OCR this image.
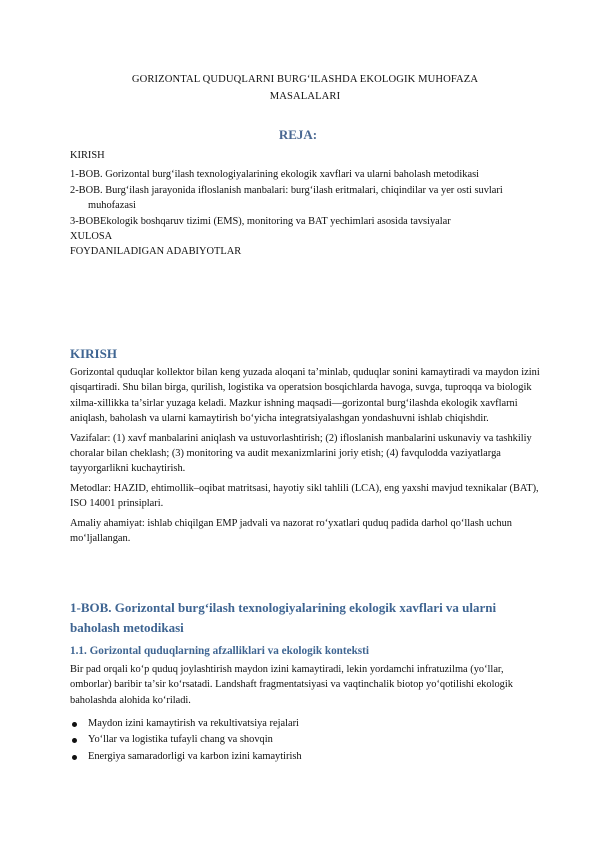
GORIZONTAL QUDUQLARNI BURG‘ILASHDA EKOLOGIK MUHOFAZA
MASALALARI
REJA:

KIRISH

1-BOB. Gorizontal burg‘ilash texnologiyalarining ekologik xavflari va ularni baholash metodikasi

2-BOB. Burg‘ilash jarayonida ifloslanish manbalari: burg‘ilash eritmalari, chiqindilar va yer osti suvlari muhofazasi

3-BOBEkologik boshqaruv tizimi (EMS), monitoring va BAT yechimlari asosida tavsiyalar

XULOSA

FOYDANILADIGAN ADABIYOTLAR

KIRISH

Gorizontal quduqlar kollektor bilan keng yuzada aloqani taʼminlab, quduqlar sonini kamaytiradi va maydon izini qisqartiradi. Shu bilan birga, qurilish, logistika va operatsion bosqichlarda havoga, suvga, tuproqqa va biologik xilma-xillikka taʼsirlar yuzaga keladi. Mazkur ishning maqsadi—gorizontal burg‘ilashda ekologik xavflarni aniqlash, baholash va ularni kamaytirish bo‘yicha integratsiyalashgan yondashuvni ishlab chiqishdir.

Vazifalar: (1) xavf manbalarini aniqlash va ustuvorlashtirish; (2) ifloslanish manbalarini uskunaviy va tashkiliy choralar bilan cheklash; (3) monitoring va audit mexanizmlarini joriy etish; (4) favqulodda vaziyatlarga tayyorgarlikni kuchaytirish.

Metodlar: HAZID, ehtimollik–oqibat matritsasi, hayotiy sikl tahlili (LCA), eng yaxshi mavjud texnikalar (BAT), ISO 14001 prinsiplari.

Amaliy ahamiyat: ishlab chiqilgan EMP jadvali va nazorat ro‘yxatlari quduq padida darhol qo‘llash uchun mo‘ljallangan.

1-BOB. Gorizontal burg‘ilash texnologiyalarining ekologik xavflari va ularni baholash metodikasi
1.1. Gorizontal quduqlarning afzalliklari va ekologik konteksti

Bir pad orqali ko‘p quduq joylashtirish maydon izini kamaytiradi, lekin yordamchi infratuzilma (yo‘llar, omborlar) baribir taʼsir ko‘rsatadi. Landshaft fragmentatsiyasi va vaqtinchalik biotop yo‘qotilishi ekologik baholashda alohida ko‘riladi.

Maydon izini kamaytirish va rekultivatsiya rejalari
Yo‘llar va logistika tufayli chang va shovqin
Energiya samaradorligi va karbon izini kamaytirish
